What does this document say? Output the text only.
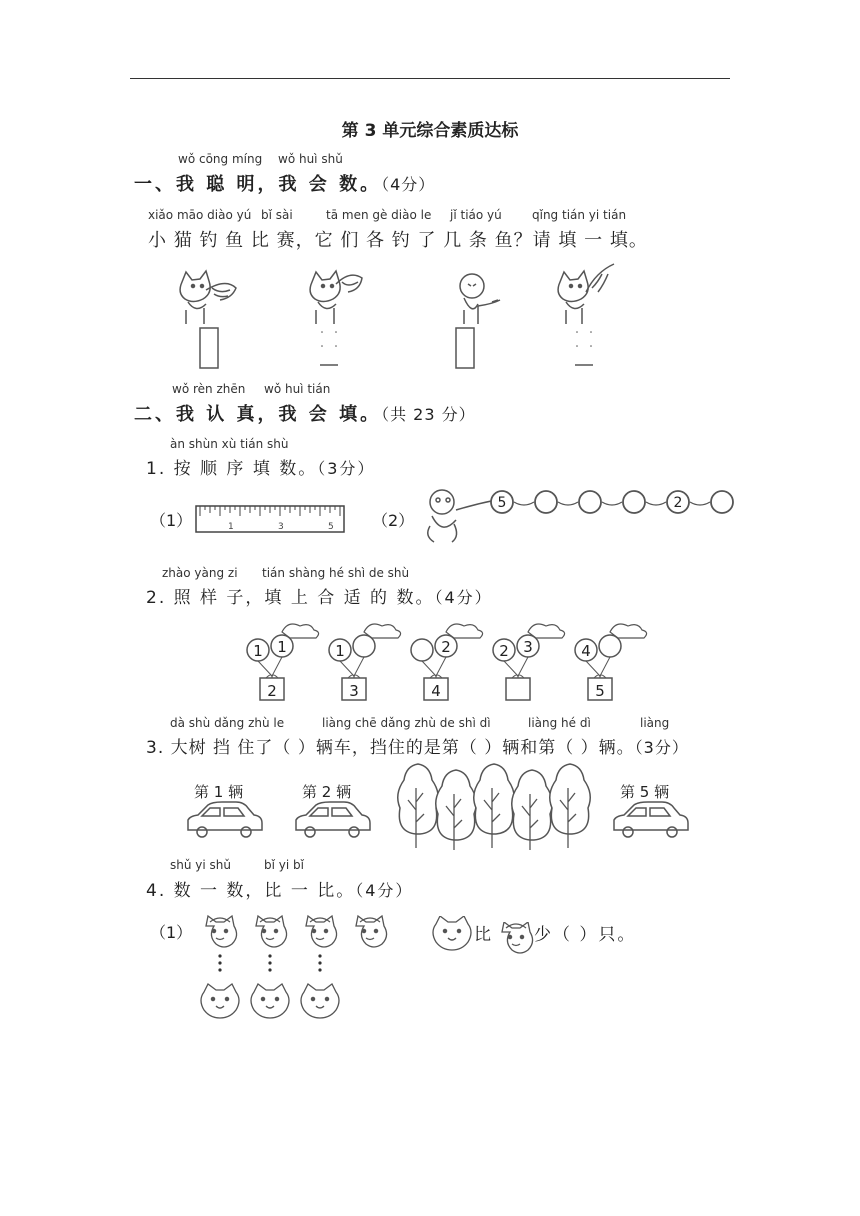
第 3 单元综合素质达标
wǒ cōng míng wǒ huì shǔ
一、我 聪 明，我 会 数。（4分）
xiǎo māo diào yú bǐ sài	tā men gè diào le jǐ tiáo yú	qǐng tián yi tián
小 猫 钓 鱼 比 赛，它 们 各 钓 了 几 条 鱼？请 填 一 填。
wǒ rèn zhēn wǒ huì tián
二、我 认 真，我 会 填。（共 23 分）
àn shùn xù tián shù
1. 按 顺 序 填 数。（3分）
（1）	1	3	5 （2）
5	2
zhào yàng zi tián shàng hé shì de shù
2. 照 样 子，填 上 合 适 的 数。（4分）
1 1
2
1
3
2
4
2 3	4
5
dà shù dǎng zhù le	liàng chē dǎng zhù de shì dì	liàng hé dì	liàng
3. 大树 挡 住了（ ）辆车，挡住的是第（ ）辆和第（ ）辆。（3分）
第 1 辆	第 2 辆	第 5 辆
shǔ yi shǔ	bǐ yi bǐ
4. 数 一 数，比 一 比。（4分）
（1）	比	少（ ）只。
